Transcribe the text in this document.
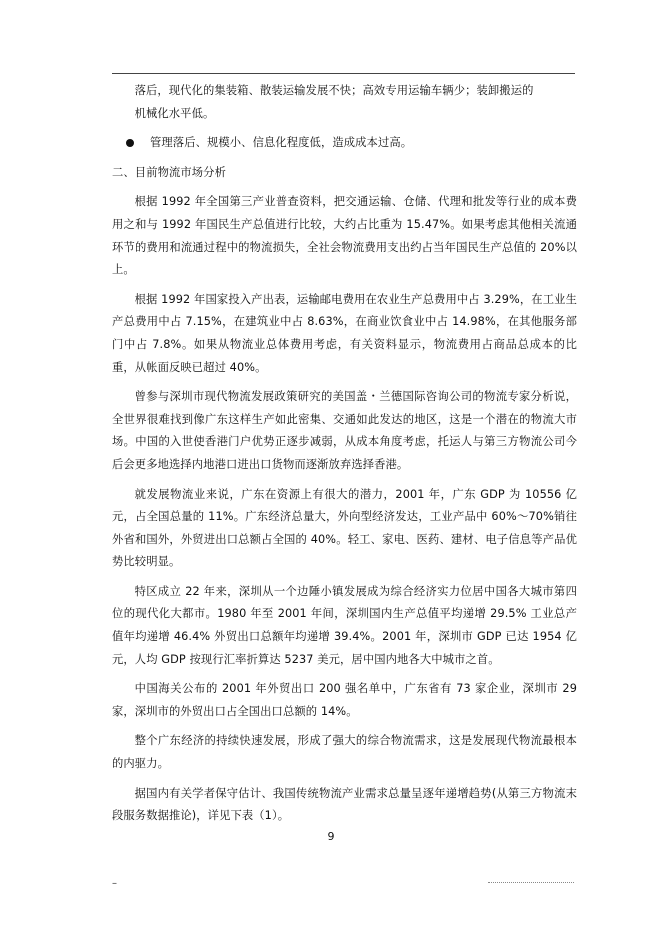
落后，现代化的集装箱、散装运输发展不快；高效专用运输车辆少；装卸搬运的
机械化水平低。
管理落后、规模小、信息化程度低，造成成本过高。
二、目前物流市场分析

根据 1992 年全国第三产业普查资料，把交通运输、仓储、代理和批发等行业的成本费用之和与 1992 年国民生产总值进行比较，大约占比重为 15.47%。如果考虑其他相关流通环节的费用和流通过程中的物流损失，全社会物流费用支出约占当年国民生产总值的 20%以上。

根据 1992 年国家投入产出表，运输邮电费用在农业生产总费用中占 3.29%，在工业生产总费用中占 7.15%，在建筑业中占 8.63%，在商业饮食业中占 14.98%，在其他服务部门中占 7.8%。如果从物流业总体费用考虑，有关资料显示，物流费用占商品总成本的比重，从帐面反映已超过 40%。

曾参与深圳市现代物流发展政策研究的美国盖・兰德国际咨询公司的物流专家分析说，全世界很难找到像广东这样生产如此密集、交通如此发达的地区，这是一个潜在的物流大市场。中国的入世使香港门户优势正逐步减弱，从成本角度考虑，托运人与第三方物流公司今后会更多地选择内地港口进出口货物而逐渐放弃选择香港。

就发展物流业来说，广东在资源上有很大的潜力，2001 年，广东 GDP 为 10556 亿元，占全国总量的 11%。广东经济总量大，外向型经济发达，工业产品中 60%～70%销往外省和国外，外贸进出口总额占全国的 40%。轻工、家电、医药、建材、电子信息等产品优势比较明显。

特区成立 22 年来，深圳从一个边陲小镇发展成为综合经济实力位居中国各大城市第四位的现代化大都市。1980 年至 2001 年间，深圳国内生产总值平均递增 29.5% 工业总产值年均递增 46.4% 外贸出口总额年均递增 39.4%。2001 年，深圳市 GDP 已达 1954 亿元，人均 GDP 按现行汇率折算达 5237 美元，居中国内地各大中城市之首。

中国海关公布的 2001 年外贸出口 200 强名单中，广东省有 73 家企业，深圳市 29 家，深圳市的外贸出口占全国出口总额的 14%。

整个广东经济的持续快速发展，形成了强大的综合物流需求，这是发展现代物流最根本的内驱力。

据国内有关学者保守估计、我国传统物流产业需求总量呈逐年递增趋势(从第三方物流末段服务数据推论)，详见下表（1）。

9
–
